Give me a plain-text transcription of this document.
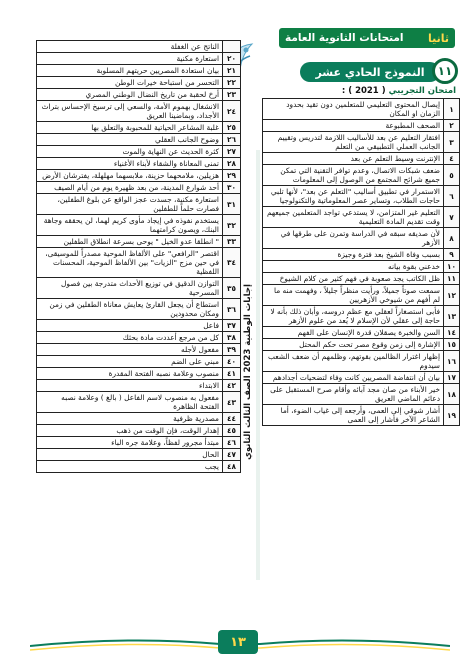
ثانيا
امتحانات الثانوية العامة
النموذج الحادي عشر	١١
امتحان التجريبي ( 2021 ) :
	الناتج عن الغفلة
٢٠	استعارة مكنية
٢١	بيان استعادة المصريين حريتهم المسلوبة
٢٢	التحسر من استباحة خيرات الوطن
٢٣	أرخ لحقبة من تاريخ النضال الوطني المصري
٢٤	الانشغال بهموم الأمة، والسعي إلى ترسيخ الإحساس بتراث الأجداد، وبماضينا العريق
٢٥	غلبة المشاعر الحياتية للمحبوبة والتعلق بها
٢٦	وضوح الجانب العقلي
٢٧	كثرة الحديث عن النهاية والموت
٢٨	تمنى المعاناة والشقاء لأبناء الأغنياء
٢٩	هزيلين، ملامحهما حزينة، ملابسهما مهلهلة، يفترشان الأرض
٣٠	أحد شوارع المدينة، من بعد ظهيرة يوم من أيام الصيف
٣١	استعارة مكنية، جسدت عجز الواقع عن بلوغ الطفلين، فصارت حلماً للطفلين
٣٢	يستخدم نفوذه في إيجاد مأوى كريم لهما، لن يحققه وجاهة البنك، ويصون كرامتهما
٣٣	" انطلقا عدو الخيل " يوحى بسرعة انطلاق الطفلين
٣٤	اقتصر "الرافعي" على الألفاظ الموحية مصدراً للموسيقى، في حين مزج "الزيات" بين الألفاظ الموحية، المحسنات اللفظية
٣٥	التوازن الدقيق في توزيع الأحداث متدرجة بين فصول المسرحية
٣٦	استطاع أن يجعل القارئ يعايش معاناة الطفلين في زمن ومكان محدودين
٣٧	فاعل
٣٨	كل من مرجع أعددت مادة بحثك
٣٩	مفعول لأجله
٤٠	مبني على الضم
٤١	منصوب وعلامة نصبه الفتحة المقدرة
٤٢	الابتداء
٤٣	مفعول به منصوب لاسم الفاعل ( بالغ ) وعلامة نصبه الفتحة الظاهرة
٤٤	مصدرية ظرفية
٤٥	إهدار الوقت، فإن الوقت من ذهب
٤٦	مبتدأ مجرور لفظاً، وعلامة جره الباء
٤٧	الحال
٤٨	يجب
١	إيصال المحتوى التعليمي للمتعلمين دون تقيد بحدود الزمان او المكان
٢	الصحف المطبوعة
٣	افتقار التعليم عن بعد للأساليب اللازمة لتدريس وتقييم الجانب العملي التطبيقي من التعلم
٤	الإنترنت وسيط التعلم عن بعد
٥	ضعف شبكات الاتصال، وعدم توافر التقنية التي تمكن جميع شرائح المجتمع من الوصول إلى المعلومات
٦	الاستمرار في تطبيق أساليب "التعلم عن بعد"، لأنها تلبي حاجات الطلاب، وتساير عصر المعلوماتية والتكنولوجيا
٧	التعليم غير المتزامن، لا يستدعي تواجد المتعلمين جميعهم وقت تقديم المادة التعليمية
٨	لأن صديقه سبقه في الدراسة وتمرن على طرقها في الأزهر
٩	بسبب وفاة الشيخ بعد فترة وجيزة
١٠	خدعني بقوة بيانه
١١	ظل الكاتب يجد صعوبة في فهم كثير من كلام الشيوخ
١٢	سمعت صوتاً جميلاً، ورأيت منظراً جليلاً ، وفهمت منه ما لم أفهم من شيوخي الأزهريين
١٣	فأبى استصغاراً لعقلي مع عظم دروسه، وأبان ذلك بأنه لا حاجة إلى عقلي لأن الإسلام لا يُعد من علوم الأزهر
١٤	السن والخبرة يصقلان قدرة الإنسان على الفهم
١٥	الإشارة إلى زمن وقوع مصر تحت حكم المحتل
١٦	إظهار اغترار الظالمين بقوتهم، وظلمهم أن ضعف الشعب سيدوم
١٧	بيان أن انتفاضة المصريين كانت وفاء لتضحيات أجدادهم
١٨	خير الأبناء من صان مجد آبائه وأقام صرح المستقبل على دعائم الماضي العريق
١٩	أشار شوقي إلى العمى، وأرجعه إلى غياب الضوء، أما الشاعر الآخر فأشار إلى العمى
إجابات الوطنية 2023 الصف الثالث الثانوي
١٣
